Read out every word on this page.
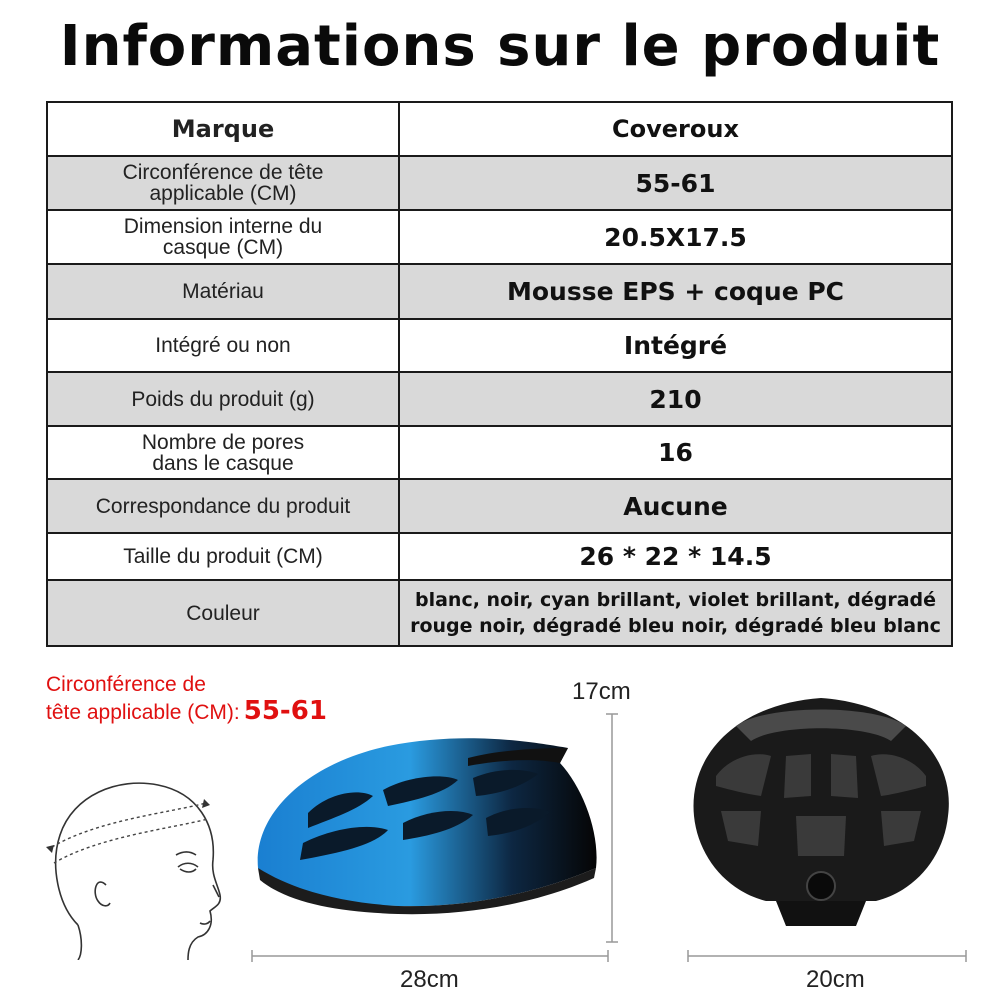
Informations sur le produit
Marque	Coveroux
Circonférence de tête
applicable (CM)	55-61
Dimension interne du
casque (CM)	20.5X17.5
Matériau	Mousse EPS + coque PC
Intégré ou non	Intégré
Poids du produit (g)	210
Nombre de pores
dans le casque	16
Correspondance du produit	Aucune
Taille du produit (CM)	26 * 22 * 14.5
Couleur	blanc, noir, cyan brillant, violet brillant, dégradé
rouge noir, dégradé bleu noir, dégradé bleu blanc
Circonférence de
tête applicable (CM): 55-61
17cm
28cm	20cm
